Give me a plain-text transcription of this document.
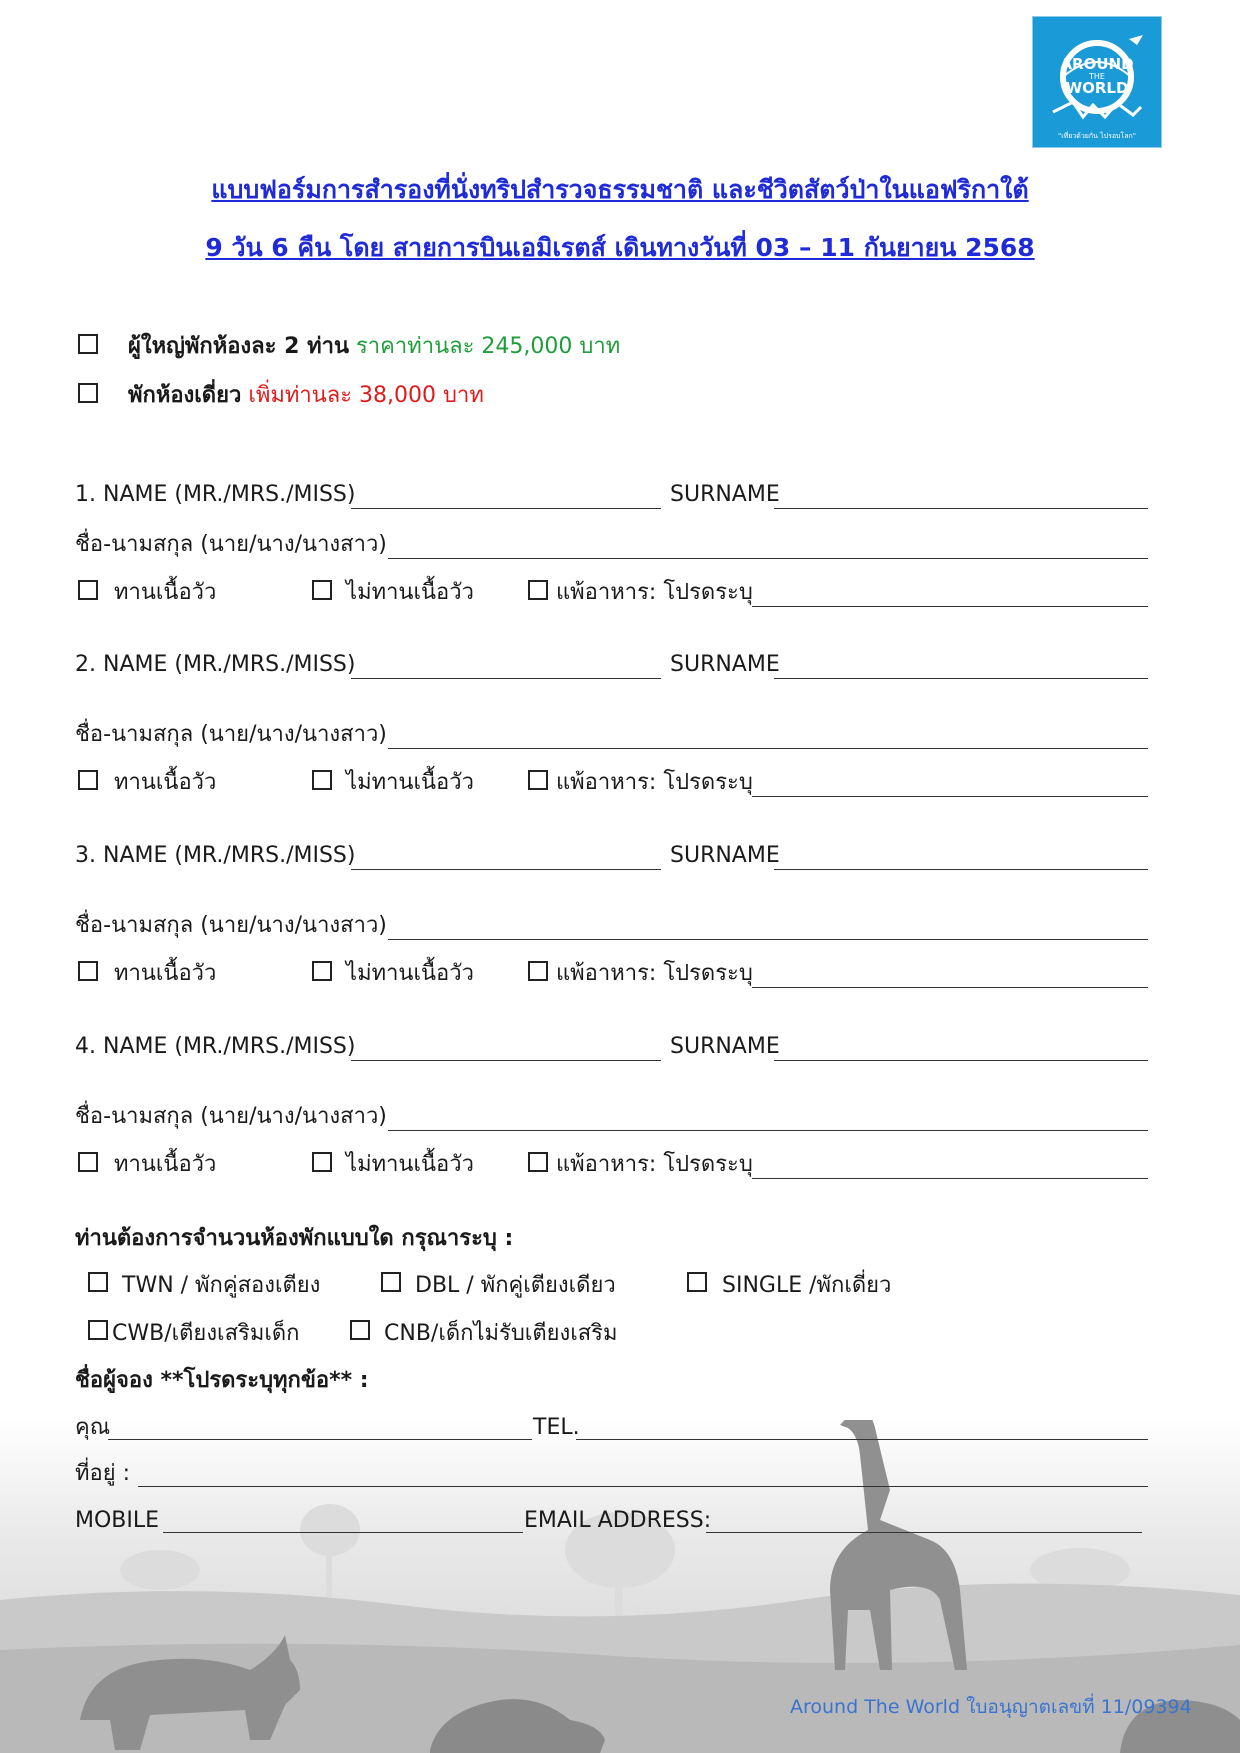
AROUND
THE
WORLD
"เที่ยวด้วยกัน ไปรอบโลก"
แบบฟอร์มการสำรองที่นั่งทริปสำรวจธรรมชาติ และชีวิตสัตว์ป่าในแอฟริกาใต้
9 วัน 6 คืน โดย สายการบินเอมิเรตส์ เดินทางวันที่ 03 – 11 กันยายน 2568
ผู้ใหญ่พักห้องละ 2 ท่าน ราคาท่านละ 245,000 บาท
พักห้องเดี่ยว เพิ่มท่านละ 38,000 บาท
1. NAME (MR./MRS./MISS)	SURNAME
ชื่อ-นามสกุล (นาย/นาง/นางสาว)
ทานเนื้อวัว	ไม่ทานเนื้อวัว	แพ้อาหาร: โปรดระบุ
2. NAME (MR./MRS./MISS)	SURNAME
ชื่อ-นามสกุล (นาย/นาง/นางสาว)
ทานเนื้อวัว	ไม่ทานเนื้อวัว	แพ้อาหาร: โปรดระบุ
3. NAME (MR./MRS./MISS)	SURNAME
ชื่อ-นามสกุล (นาย/นาง/นางสาว)
ทานเนื้อวัว	ไม่ทานเนื้อวัว	แพ้อาหาร: โปรดระบุ
4. NAME (MR./MRS./MISS)	SURNAME
ชื่อ-นามสกุล (นาย/นาง/นางสาว)
ทานเนื้อวัว	ไม่ทานเนื้อวัว	แพ้อาหาร: โปรดระบุ
ท่านต้องการจำนวนห้องพักแบบใด กรุณาระบุ :
TWN / พักคู่สองเตียง	DBL / พักคู่เตียงเดียว	SINGLE /พักเดี่ยว
CWB/เตียงเสริมเด็ก	CNB/เด็กไม่รับเตียงเสริม
ชื่อผู้จอง **โปรดระบุทุกข้อ** :
คุณ	TEL.
ที่อยู่ :
MOBILE	EMAIL ADDRESS:
Around The World ใบอนุญาตเลขที่ 11/09394
